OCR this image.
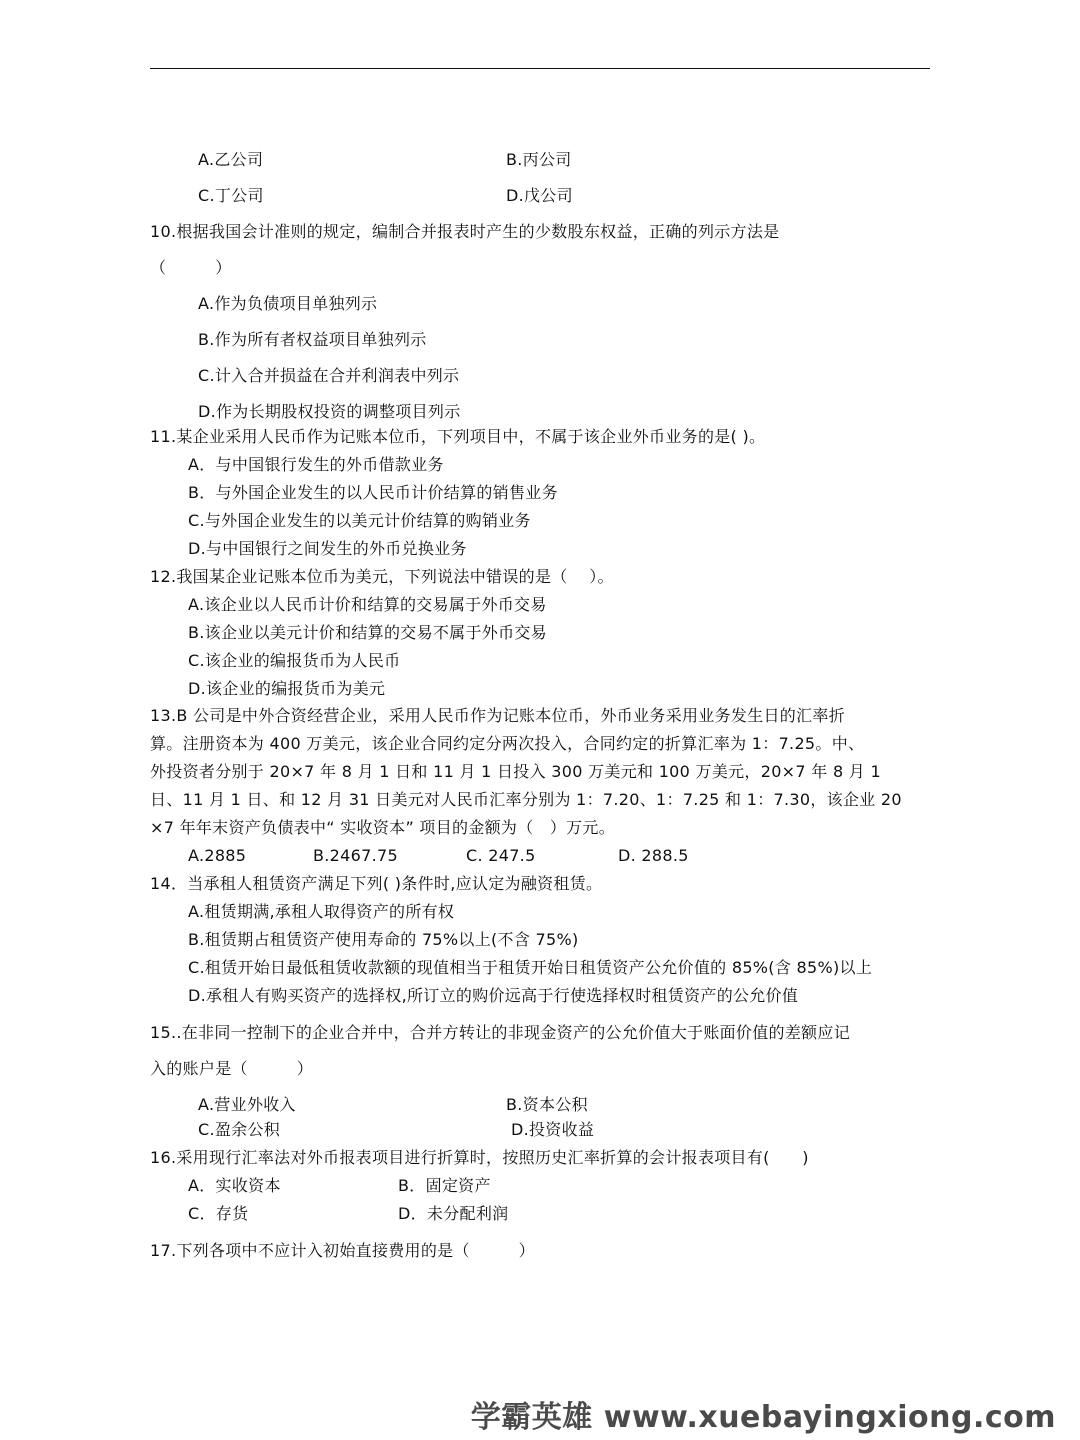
A.乙公司	B.丙公司
C.丁公司	D.戊公司
10.根据我国会计准则的规定，编制合并报表时产生的少数股东权益，正确的列示方法是
（　　　）
A.作为负债项目单独列示
B.作为所有者权益项目单独列示
C.计入合并损益在合并利润表中列示
D.作为长期股权投资的调整项目列示
11.某企业采用人民币作为记账本位币，下列项目中，不属于该企业外币业务的是( )。
A．与中国银行发生的外币借款业务
B．与外国企业发生的以人民币计价结算的销售业务
C.与外国企业发生的以美元计价结算的购销业务
D.与中国银行之间发生的外币兑换业务
12.我国某企业记账本位币为美元，下列说法中错误的是（　 ）。
A.该企业以人民币计价和结算的交易属于外币交易
B.该企业以美元计价和结算的交易不属于外币交易
C.该企业的编报货币为人民币
D.该企业的编报货币为美元
13.B 公司是中外合资经营企业，采用人民币作为记账本位币，外币业务采用业务发生日的汇率折
算。注册资本为 400 万美元，该企业合同约定分两次投入，合同约定的折算汇率为 1：7.25。中、
外投资者分别于 20×7 年 8 月 1 日和 11 月 1 日投入 300 万美元和 100 万美元，20×7 年 8 月 1
日、11 月 1 日、和 12 月 31 日美元对人民币汇率分别为 1：7.20、1：7.25 和 1：7.30，该企业 20
×7 年年末资产负债表中“ 实收资本” 项目的金额为（　）万元。
A.2885	B.2467.75	C. 247.5	D. 288.5
14．当承租人租赁资产满足下列( )条件时,应认定为融资租赁。
A.租赁期满,承租人取得资产的所有权
B.租赁期占租赁资产使用寿命的 75%以上(不含 75%)
C.租赁开始日最低租赁收款额的现值相当于租赁开始日租赁资产公允价值的 85%(含 85%)以上
D.承租人有购买资产的选择权,所订立的购价远高于行使选择权时租赁资产的公允价值
15..在非同一控制下的企业合并中，合并方转让的非现金资产的公允价值大于账面价值的差额应记
入的账户是（　　　）
A.营业外收入	B.资本公积
C.盈余公积	D.投资收益
16.采用现行汇率法对外币报表项目进行折算时，按照历史汇率折算的会计报表项目有(　　)
A．实收资本	B．固定资产
C．存货	D．未分配利润
17.下列各项中不应计入初始直接费用的是（　　　）
学霸英雄 www.xuebayingxiong.com
